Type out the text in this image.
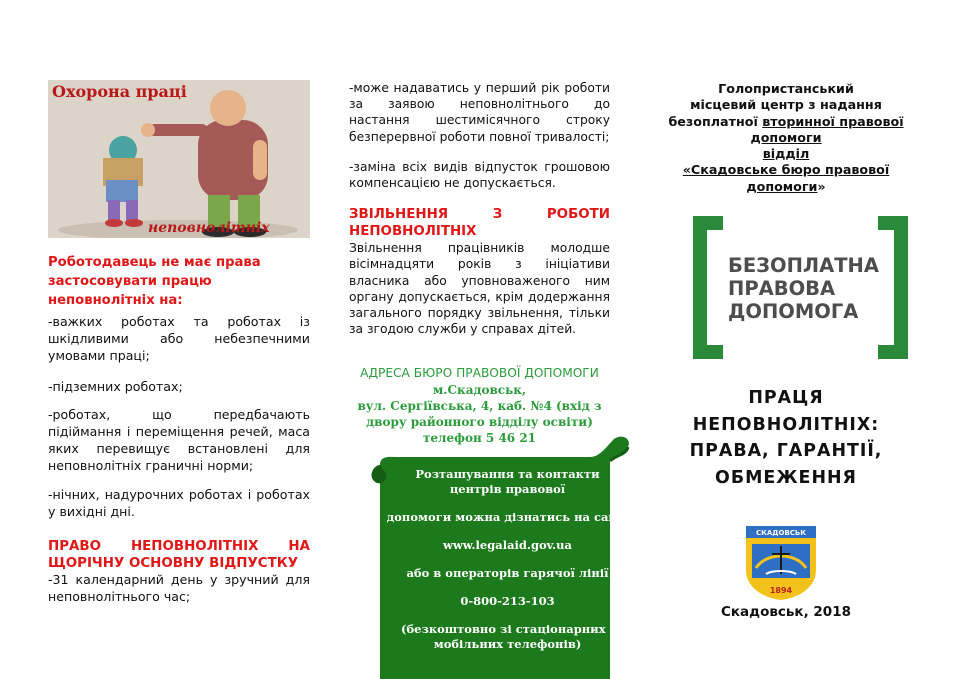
Охорона праці
неповнолітніх

Роботодавець не має права застосовувати працю неповнолітніх на:

-важких роботах та роботах із шкідливими або небезпечними умовами праці;

-підземних роботах;

-роботах, що передбачають підіймання і переміщення речей, маса яких перевищує встановлені для неповнолітніх граничні норми;

-нічних, надурочних роботах і роботах у вихідні дні.

ПРАВО НЕПОВНОЛІТНІХ НА ЩОРІЧНУ ОСНОВНУ ВІДПУСТКУ

-31 календарний день у зручний для неповнолітнього час;

-може надаватись у перший рік роботи за заявою неповнолітнього до настання шестимісячного строку безперервної роботи повної тривалості;

-заміна всіх видів відпусток грошовою компенсацією не допускається.

ЗВІЛЬНЕННЯ З РОБОТИ НЕПОВНОЛІТНІХ

Звільнення працівників молодше вісімнадцяти років з ініціативи власника або уповноваженого ним органу допускається, крім додержання загального порядку звільнення, тільки за згодою служби у справах дітей.

АДРЕСА БЮРО ПРАВОВОЇ ДОПОМОГИ

м.Скадовськ,

вул. Сергіївська, 4, каб. №4 (вхід з двору районного відділу освіти)

телефон 5 46 21

Розташування та контакти

центрів правової

допомоги можна дізнатись на сайті

www.legalaid.gov.ua

або в операторів гарячої лінії

0-800-213-103

(безкоштовно зі стаціонарних і мобільних телефонів)

Голопристанський

місцевий центр з надання

безоплатної вторинної правової

допомоги

відділ

«Скадовське бюро правової

допомоги»

БЕЗОПЛАТНА
ПРАВОВА
ДОПОМОГА

ПРАЦЯ

НЕПОВНОЛІТНІХ:

ПРАВА, ГАРАНТІЇ,

ОБМЕЖЕННЯ

СКАДОВСЬК
1894
Скадовськ, 2018
